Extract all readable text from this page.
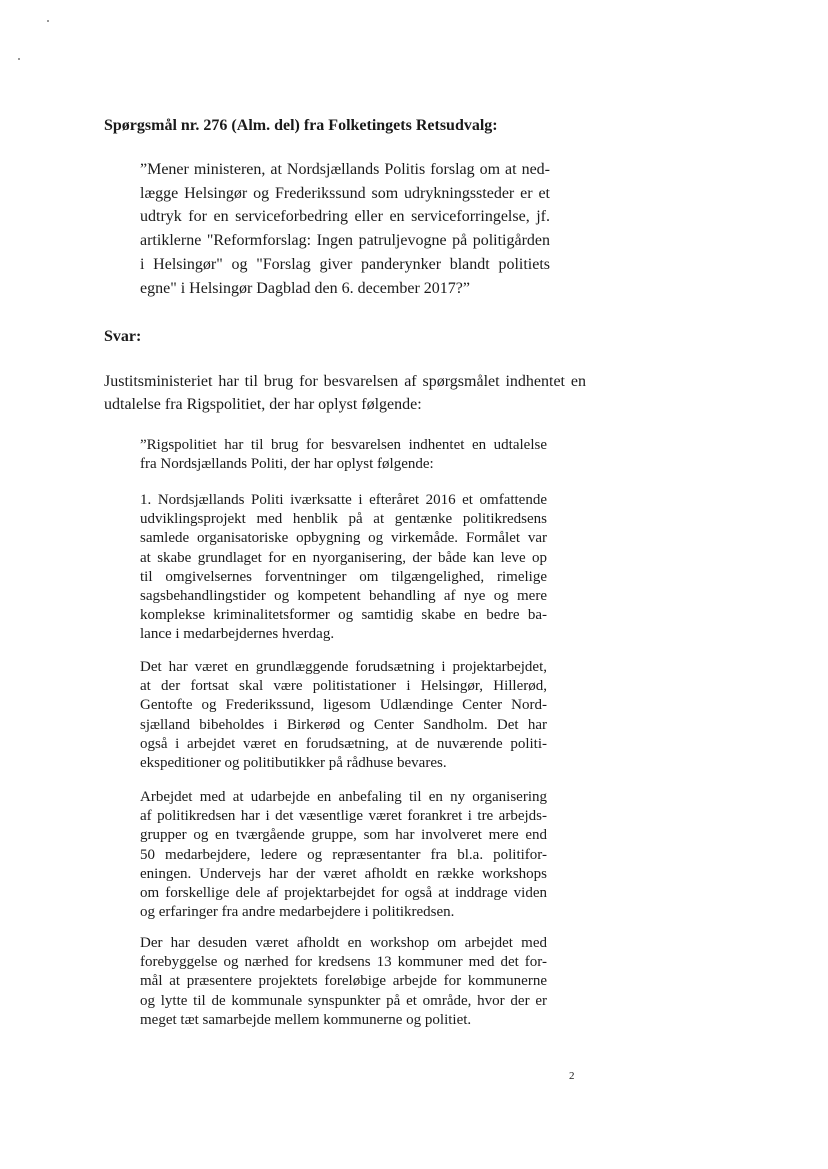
Spørgsmål nr. 276 (Alm. del) fra Folketingets Retsudvalg:
”Mener ministeren, at Nordsjællands Politis forslag om at ned-
lægge Helsingør og Frederikssund som udrykningssteder er et
udtryk for en serviceforbedring eller en serviceforringelse, jf.
artiklerne "Reformforslag: Ingen patruljevogne på politigården
i Helsingør" og "Forslag giver panderynker blandt politiets
egne" i Helsingør Dagblad den 6. december 2017?”
Svar:
Justitsministeriet har til brug for besvarelsen af spørgsmålet indhentet en
udtalelse fra Rigspolitiet, der har oplyst følgende:
”Rigspolitiet har til brug for besvarelsen indhentet en udtalelse
fra Nordsjællands Politi, der har oplyst følgende:
1. Nordsjællands Politi iværksatte i efteråret 2016 et omfattende
udviklingsprojekt med henblik på at gentænke politikredsens
samlede organisatoriske opbygning og virkemåde. Formålet var
at skabe grundlaget for en nyorganisering, der både kan leve op
til omgivelsernes forventninger om tilgængelighed, rimelige
sagsbehandlingstider og kompetent behandling af nye og mere
komplekse kriminalitetsformer og samtidig skabe en bedre ba-
lance i medarbejdernes hverdag.
Det har været en grundlæggende forudsætning i projektarbejdet,
at der fortsat skal være politistationer i Helsingør, Hillerød,
Gentofte og Frederikssund, ligesom Udlændinge Center Nord-
sjælland bibeholdes i Birkerød og Center Sandholm. Det har
også i arbejdet været en forudsætning, at de nuværende politi-
ekspeditioner og politibutikker på rådhuse bevares.
Arbejdet med at udarbejde en anbefaling til en ny organisering
af politikredsen har i det væsentlige været forankret i tre arbejds-
grupper og en tværgående gruppe, som har involveret mere end
50 medarbejdere, ledere og repræsentanter fra bl.a. politifor-
eningen. Undervejs har der været afholdt en række workshops
om forskellige dele af projektarbejdet for også at inddrage viden
og erfaringer fra andre medarbejdere i politikredsen.
Der har desuden været afholdt en workshop om arbejdet med
forebyggelse og nærhed for kredsens 13 kommuner med det for-
mål at præsentere projektets foreløbige arbejde for kommunerne
og lytte til de kommunale synspunkter på et område, hvor der er
meget tæt samarbejde mellem kommunerne og politiet.
2
